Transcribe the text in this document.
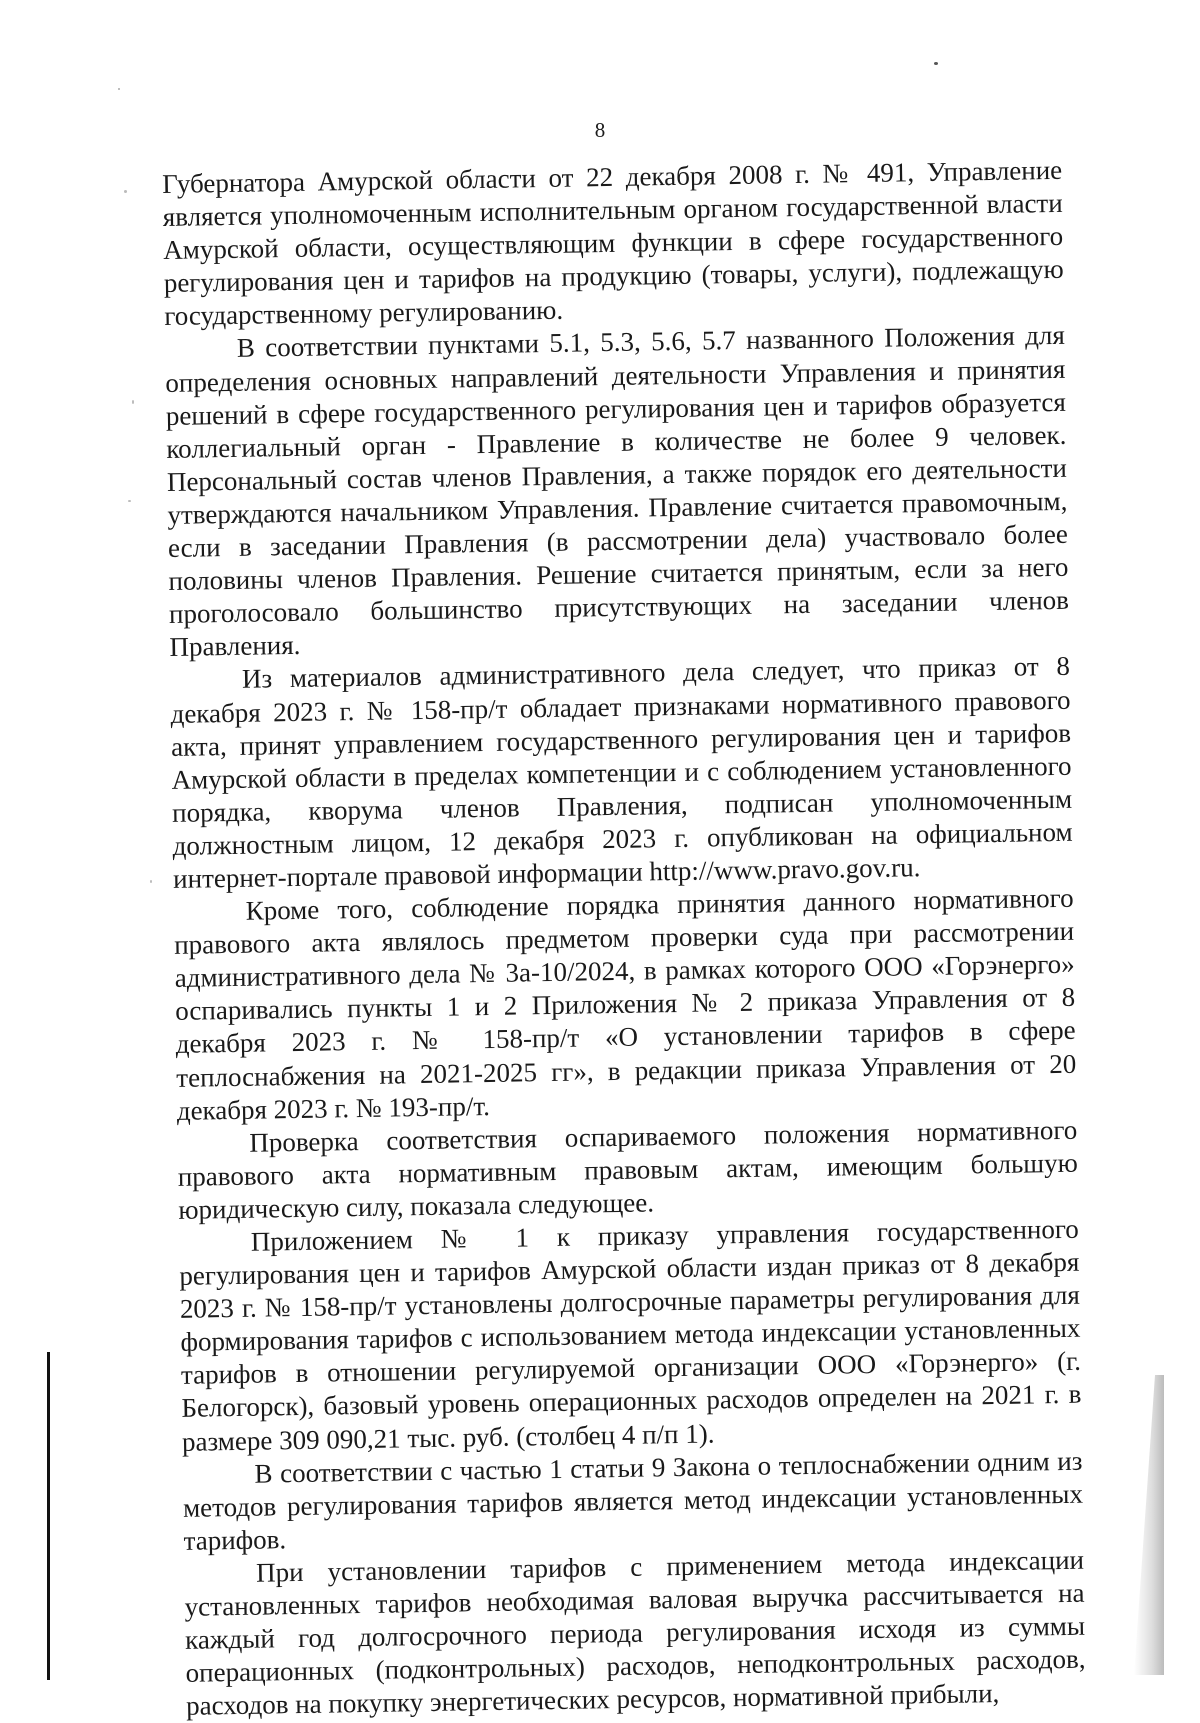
8

Губернатора Амурской области от 22 декабря 2008 г. № 491, Управление является уполномоченным исполнительным органом государственной власти Амурской области, осуществляющим функции в сфере государственного регулирования цен и тарифов на продукцию (товары, услуги), подлежащую государственному регулированию.

В соответствии пунктами 5.1, 5.3, 5.6, 5.7 названного Положения для определения основных направлений деятельности Управления и принятия решений в сфере государственного регулирования цен и тарифов образуется коллегиальный орган - Правление в количестве не более 9 человек. Персональный состав членов Правления, а также порядок его деятельности утверждаются начальником Управления. Правление считается правомочным, если в заседании Правления (в рассмотрении дела) участвовало более половины членов Правления. Решение считается принятым, если за него проголосовало большинство присутствующих на заседании членов Правления.

Из материалов административного дела следует, что приказ от 8 декабря 2023 г. № 158-пр/т обладает признаками нормативного правового акта, принят управлением государственного регулирования цен и тарифов Амурской области в пределах компетенции и с соблюдением установленного порядка, кворума членов Правления, подписан уполномоченным должностным лицом, 12 декабря 2023 г. опубликован на официальном интернет-портале правовой информации http://www.pravo.gov.ru.

Кроме того, соблюдение порядка принятия данного нормативного правового акта являлось предметом проверки суда при рассмотрении административного дела № 3а-10/2024, в рамках которого ООО «Горэнерго» оспаривались пункты 1 и 2 Приложения № 2 приказа Управления от 8 декабря 2023 г. № 158-пр/т «О установлении тарифов в сфере теплоснабжения на 2021-2025 гг», в редакции приказа Управления от 20 декабря 2023 г. № 193-пр/т.

Проверка соответствия оспариваемого положения нормативного правового акта нормативным правовым актам, имеющим большую юридическую силу, показала следующее.

Приложением № 1 к приказу управления государственного регулирования цен и тарифов Амурской области издан приказ от 8 декабря 2023 г. № 158-пр/т установлены долгосрочные параметры регулирования для формирования тарифов с использованием метода индексации установленных тарифов в отношении регулируемой организации ООО «Горэнерго» (г. Белогорск), базовый уровень операционных расходов определен на 2021 г. в размере 309 090,21 тыс. руб. (столбец 4 п/п 1).

В соответствии с частью 1 статьи 9 Закона о теплоснабжении одним из методов регулирования тарифов является метод индексации установленных тарифов.

При установлении тарифов с применением метода индексации установленных тарифов необходимая валовая выручка рассчитывается на каждый год долгосрочного периода регулирования исходя из суммы операционных (подконтрольных) расходов, неподконтрольных расходов, расходов на покупку энергетических ресурсов, нормативной прибыли,
